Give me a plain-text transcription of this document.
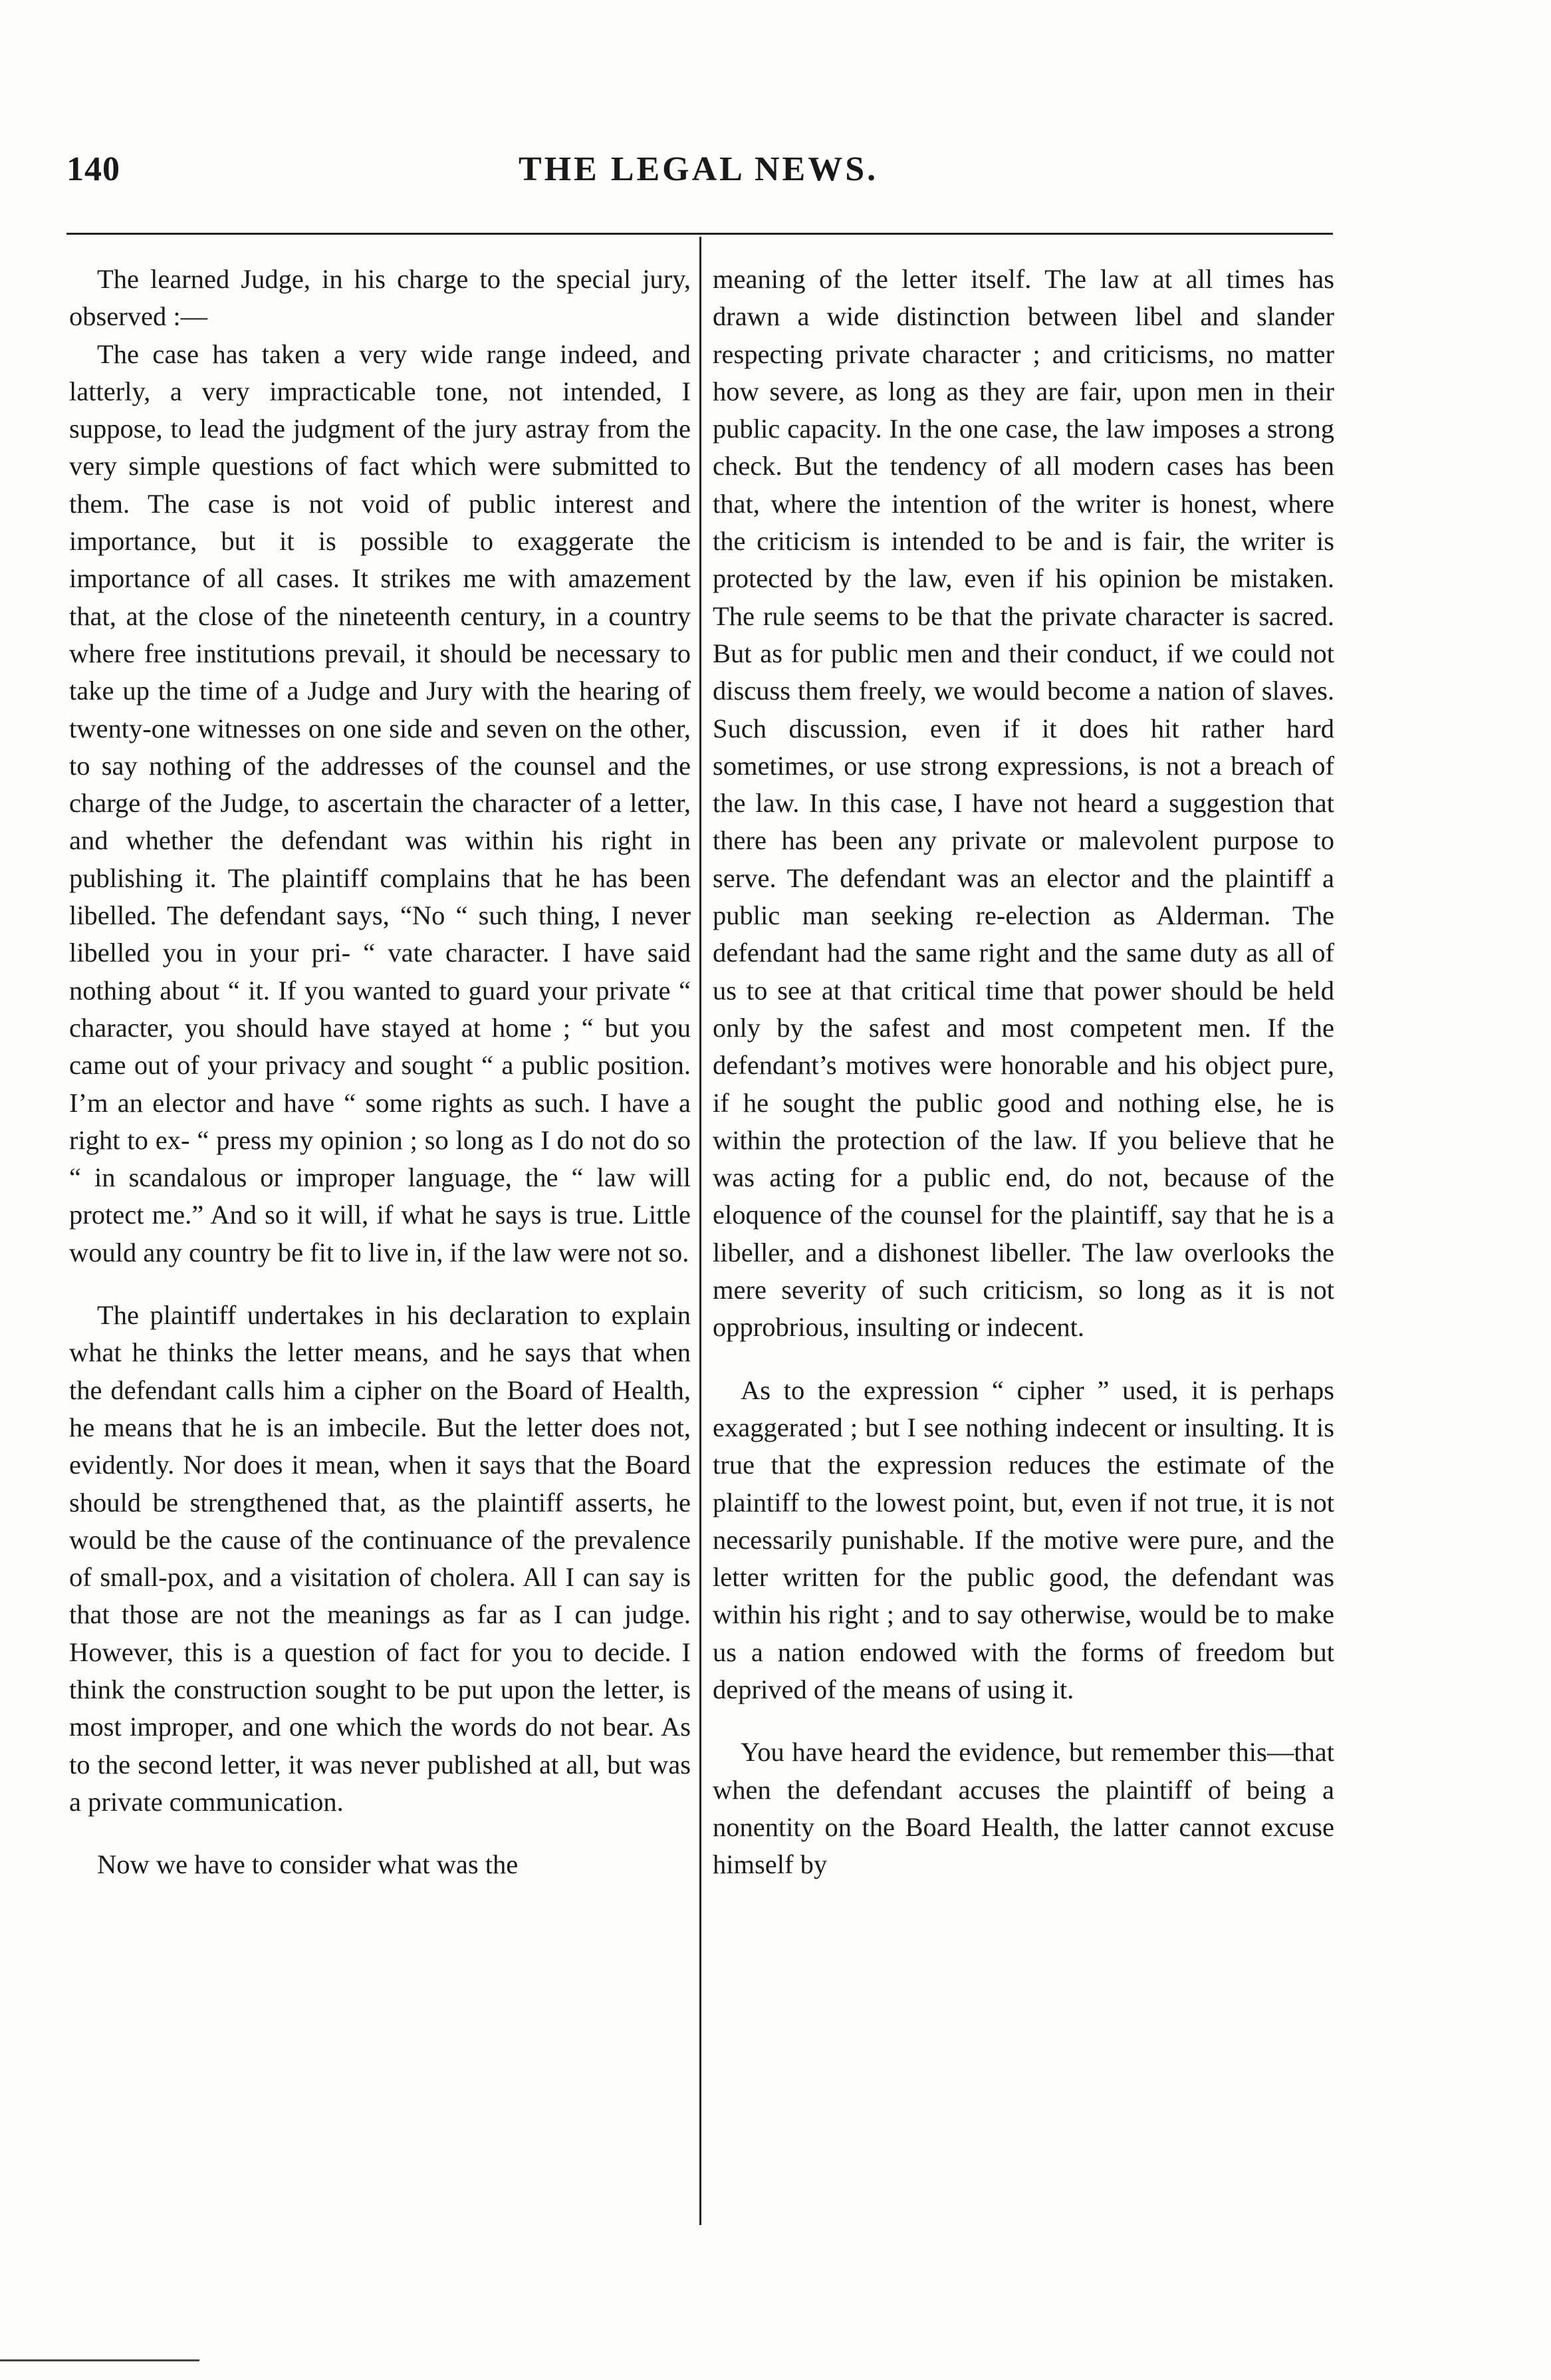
140	THE LEGAL NEWS.

The learned Judge, in his charge to the special jury, observed :—

The case has taken a very wide range indeed, and latterly, a very impracticable tone, not intended, I suppose, to lead the judgment of the jury astray from the very simple questions of fact which were submitted to them. The case is not void of public interest and importance, but it is possible to exaggerate the importance of all cases. It strikes me with amazement that, at the close of the nineteenth century, in a country where free institutions prevail, it should be necessary to take up the time of a Judge and Jury with the hearing of twenty-one witnesses on one side and seven on the other, to say nothing of the addresses of the counsel and the charge of the Judge, to ascertain the character of a letter, and whether the defendant was within his right in publishing it. The plaintiff complains that he has been libelled. The defendant says, “No “ such thing, I never libelled you in your pri- “ vate character. I have said nothing about “ it. If you wanted to guard your private “ character, you should have stayed at home ; “ but you came out of your privacy and sought “ a public position. I’m an elector and have “ some rights as such. I have a right to ex- “ press my opinion ; so long as I do not do so “ in scandalous or improper language, the “ law will protect me.” And so it will, if what he says is true. Little would any country be fit to live in, if the law were not so.

The plaintiff undertakes in his declaration to explain what he thinks the letter means, and he says that when the defendant calls him a cipher on the Board of Health, he means that he is an imbecile. But the letter does not, evidently. Nor does it mean, when it says that the Board should be strengthened that, as the plaintiff asserts, he would be the cause of the continuance of the prevalence of small-pox, and a visitation of cholera. All I can say is that those are not the meanings as far as I can judge. However, this is a question of fact for you to decide. I think the construction sought to be put upon the letter, is most improper, and one which the words do not bear. As to the second letter, it was never published at all, but was a private communication.

Now we have to consider what was the

meaning of the letter itself. The law at all times has drawn a wide distinction between libel and slander respecting private character ; and criticisms, no matter how severe, as long as they are fair, upon men in their public capacity. In the one case, the law imposes a strong check. But the tendency of all modern cases has been that, where the intention of the writer is honest, where the criticism is intended to be and is fair, the writer is protected by the law, even if his opinion be mistaken. The rule seems to be that the private character is sacred. But as for public men and their conduct, if we could not discuss them freely, we would become a nation of slaves. Such discussion, even if it does hit rather hard sometimes, or use strong expressions, is not a breach of the law. In this case, I have not heard a suggestion that there has been any private or malevolent purpose to serve. The defendant was an elector and the plaintiff a public man seeking re-election as Alderman. The defendant had the same right and the same duty as all of us to see at that critical time that power should be held only by the safest and most competent men. If the defendant’s motives were honorable and his object pure, if he sought the public good and nothing else, he is within the protection of the law. If you believe that he was acting for a public end, do not, because of the eloquence of the counsel for the plaintiff, say that he is a libeller, and a dishonest libeller. The law overlooks the mere severity of such criticism, so long as it is not opprobrious, insulting or indecent.

As to the expression “ cipher ” used, it is perhaps exaggerated ; but I see nothing indecent or insulting. It is true that the expression reduces the estimate of the plaintiff to the lowest point, but, even if not true, it is not necessarily punishable. If the motive were pure, and the letter written for the public good, the defendant was within his right ; and to say otherwise, would be to make us a nation endowed with the forms of freedom but deprived of the means of using it.

You have heard the evidence, but remember this—that when the defendant accuses the plaintiff of being a nonentity on the Board Health, the latter cannot excuse himself by
